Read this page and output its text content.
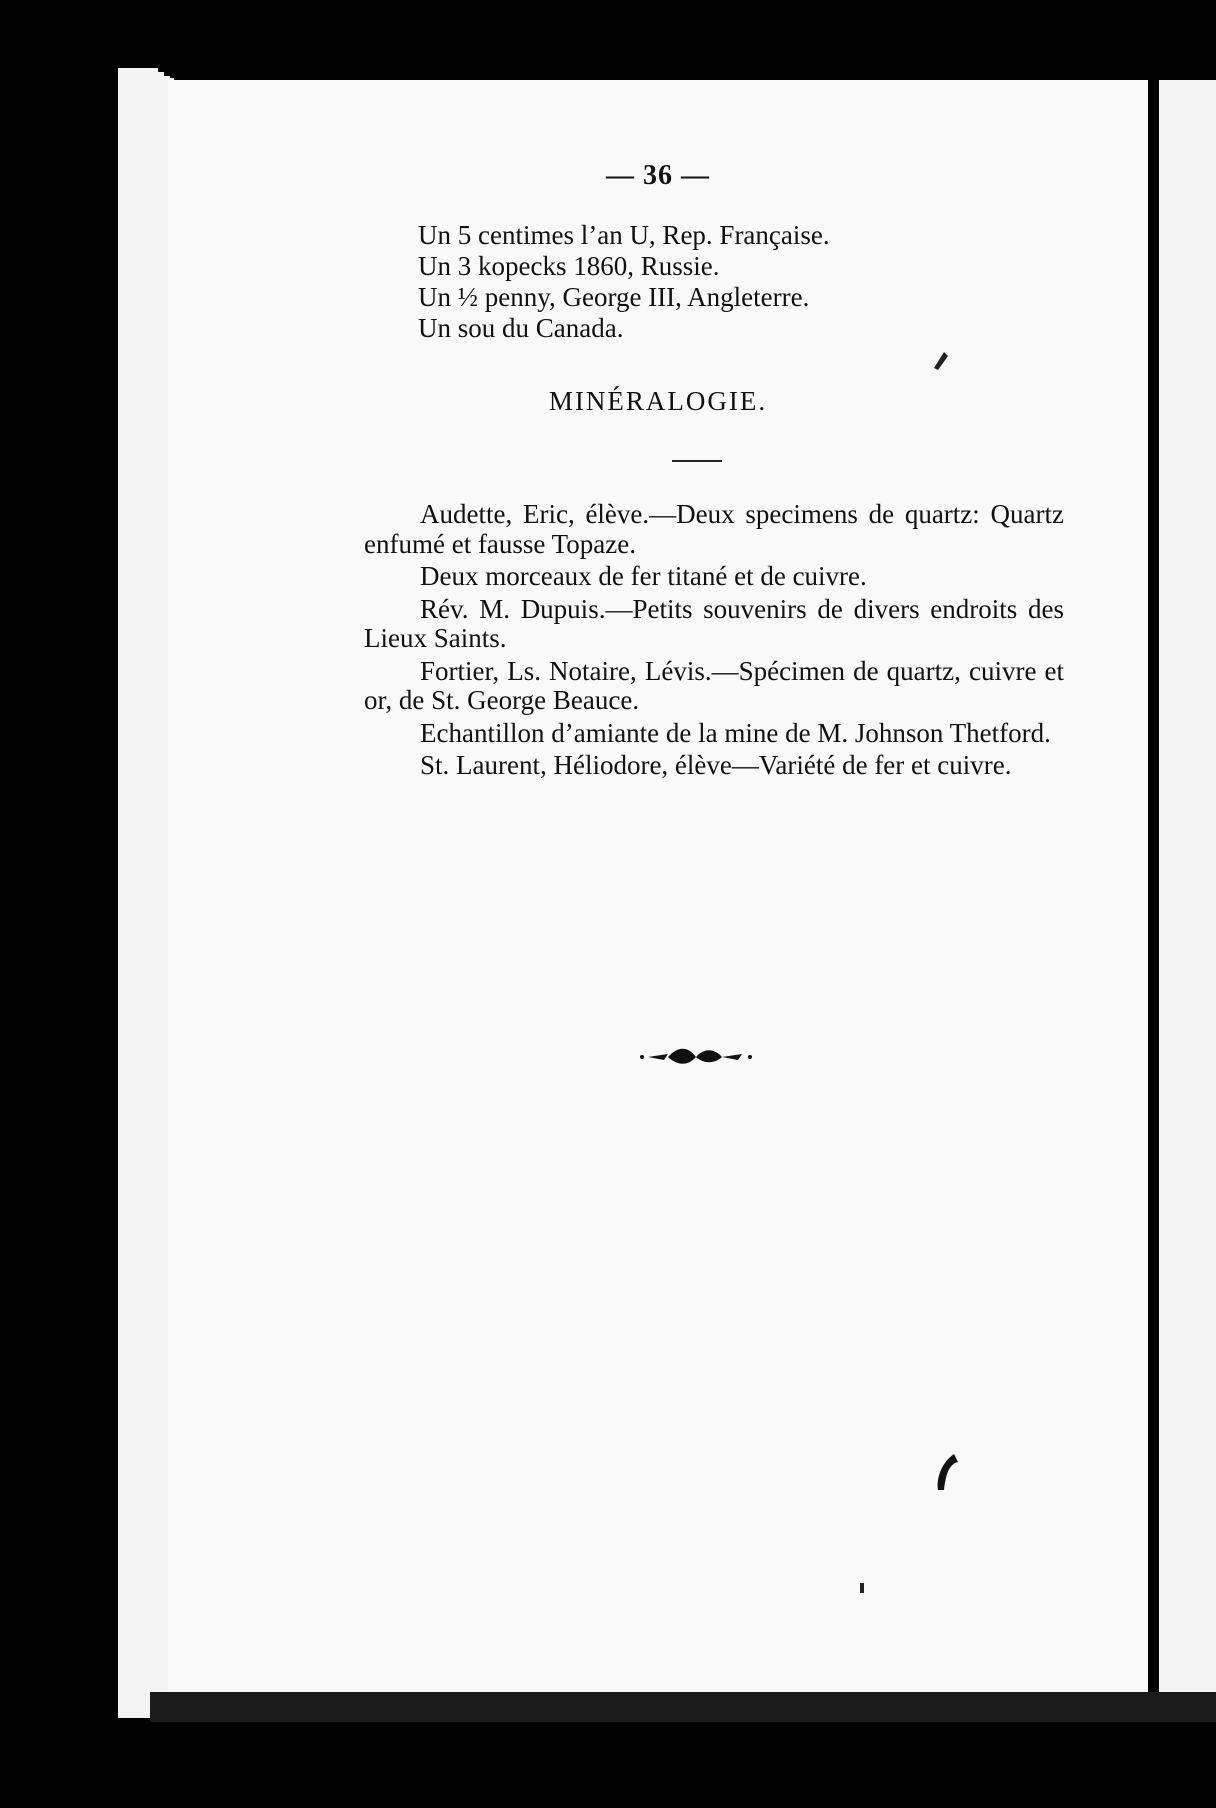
— 36 —
Un 5 centimes l’an U, Rep. Française.
Un 3 kopecks 1860, Russie.
Un ½ penny, George III, Angleterre.
Un sou du Canada.
MINÉRALOGIE.

Audette, Eric, élève.—Deux specimens de quartz: Quartz enfumé et fausse Topaze.

Deux morceaux de fer titané et de cuivre.

Rév. M. Dupuis.—Petits souvenirs de divers endroits des Lieux Saints.

Fortier, Ls. Notaire, Lévis.—Spécimen de quartz, cuivre et or, de St. George Beauce.

Echantillon d’amiante de la mine de M. Johnson Thetford.

St. Laurent, Héliodore, élève—Variété de fer et cuivre.
